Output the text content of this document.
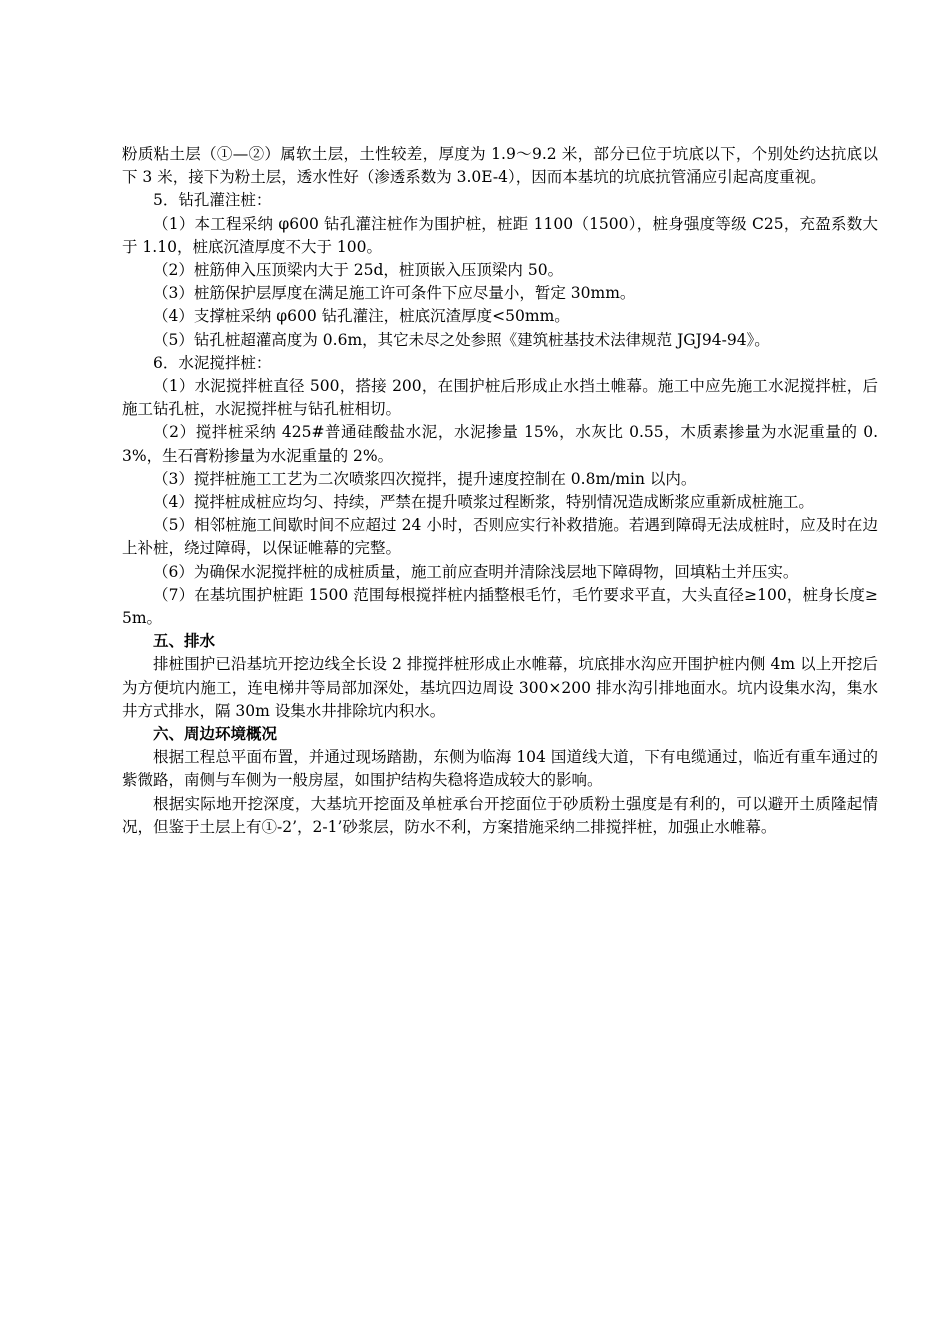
粉质粘土层（①—②）属软土层，土性较差，厚度为 1.9～9.2 米，部分已位于坑底以下，个别处约达抗底以下 3 米，接下为粉土层，透水性好（渗透系数为 3.0E-4），因而本基坑的坑底抗管涌应引起高度重视。

5．钻孔灌注桩：

（1）本工程采纳 φ600 钻孔灌注桩作为围护桩，桩距 1100（1500），桩身强度等级 C25，充盈系数大于 1.10，桩底沉渣厚度不大于 100。

（2）桩筋伸入压顶梁内大于 25d，桩顶嵌入压顶梁内 50。

（3）桩筋保护层厚度在满足施工许可条件下应尽量小，暂定 30mm。

（4）支撑桩采纳 φ600 钻孔灌注，桩底沉渣厚度<50mm。

（5）钻孔桩超灌高度为 0.6m，其它未尽之处参照《建筑桩基技术法律规范 JGJ94-94》。

6．水泥搅拌桩：

（1）水泥搅拌桩直径 500，搭接 200，在围护桩后形成止水挡土帷幕。施工中应先施工水泥搅拌桩，后施工钻孔桩，水泥搅拌桩与钻孔桩相切。

（2）搅拌桩采纳 425#普通硅酸盐水泥，水泥掺量 15%，水灰比 0.55，木质素掺量为水泥重量的 0.3%，生石膏粉掺量为水泥重量的 2%。

（3）搅拌桩施工工艺为二次喷浆四次搅拌，提升速度控制在 0.8m/min 以内。

（4）搅拌桩成桩应均匀、持续，严禁在提升喷浆过程断浆，特别情况造成断浆应重新成桩施工。

（5）相邻桩施工间歇时间不应超过 24 小时，否则应实行补救措施。若遇到障碍无法成桩时，应及时在边上补桩，绕过障碍，以保证帷幕的完整。

（6）为确保水泥搅拌桩的成桩质量，施工前应查明并清除浅层地下障碍物，回填粘土并压实。

（7）在基坑围护桩距 1500 范围每根搅拌桩内插整根毛竹，毛竹要求平直，大头直径≥100，桩身长度≥5m。

五、排水

排桩围护已沿基坑开挖边线全长设 2 排搅拌桩形成止水帷幕，坑底排水沟应开围护桩内侧 4m 以上开挖后为方便坑内施工，连电梯井等局部加深处，基坑四边周设 300×200 排水沟引排地面水。坑内设集水沟，集水井方式排水，隔 30m 设集水井排除坑内积水。

六、周边环境概况

根据工程总平面布置，并通过现场踏勘，东侧为临海 104 国道线大道，下有电缆通过，临近有重车通过的紫微路，南侧与车侧为一般房屋，如围护结构失稳将造成较大的影响。

根据实际地开挖深度，大基坑开挖面及单桩承台开挖面位于砂质粉土强度是有利的，可以避开土质隆起情况，但鉴于土层上有①-2’，2-1’砂浆层，防水不利，方案措施采纳二排搅拌桩，加强止水帷幕。
